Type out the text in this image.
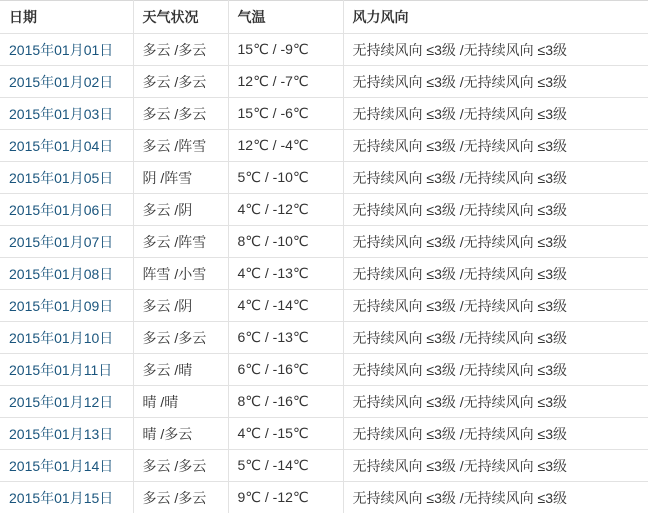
日期	天气状况	气温	风力风向
2015年01月01日	多云 /多云	15℃ / -9℃	无持续风向 ≤3级 /无持续风向 ≤3级
2015年01月02日	多云 /多云	12℃ / -7℃	无持续风向 ≤3级 /无持续风向 ≤3级
2015年01月03日	多云 /多云	15℃ / -6℃	无持续风向 ≤3级 /无持续风向 ≤3级
2015年01月04日	多云 /阵雪	12℃ / -4℃	无持续风向 ≤3级 /无持续风向 ≤3级
2015年01月05日	阴 /阵雪	5℃ / -10℃	无持续风向 ≤3级 /无持续风向 ≤3级
2015年01月06日	多云 /阴	4℃ / -12℃	无持续风向 ≤3级 /无持续风向 ≤3级
2015年01月07日	多云 /阵雪	8℃ / -10℃	无持续风向 ≤3级 /无持续风向 ≤3级
2015年01月08日	阵雪 /小雪	4℃ / -13℃	无持续风向 ≤3级 /无持续风向 ≤3级
2015年01月09日	多云 /阴	4℃ / -14℃	无持续风向 ≤3级 /无持续风向 ≤3级
2015年01月10日	多云 /多云	6℃ / -13℃	无持续风向 ≤3级 /无持续风向 ≤3级
2015年01月11日	多云 /晴	6℃ / -16℃	无持续风向 ≤3级 /无持续风向 ≤3级
2015年01月12日	晴 /晴	8℃ / -16℃	无持续风向 ≤3级 /无持续风向 ≤3级
2015年01月13日	晴 /多云	4℃ / -15℃	无持续风向 ≤3级 /无持续风向 ≤3级
2015年01月14日	多云 /多云	5℃ / -14℃	无持续风向 ≤3级 /无持续风向 ≤3级
2015年01月15日	多云 /多云	9℃ / -12℃	无持续风向 ≤3级 /无持续风向 ≤3级
